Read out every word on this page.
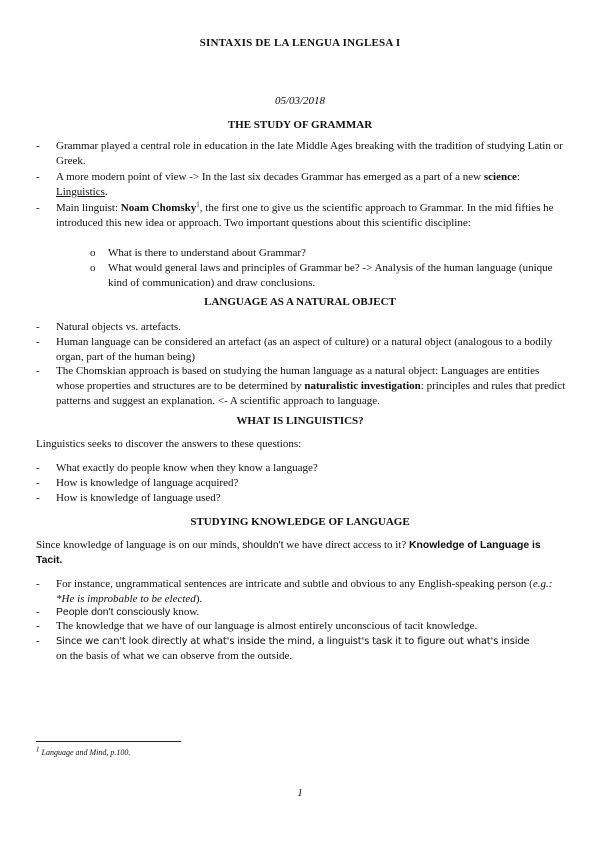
SINTAXIS DE LA LENGUA INGLESA I
05/03/2018
THE STUDY OF GRAMMAR
- Grammar played a central role in education in the late Middle Ages breaking with the tradition of studying Latin or Greek.
- A more modern point of view -> In the last six decades Grammar has emerged as a part of a new science: Linguistics.
- Main linguist: Noam Chomsky$^1$, the first one to give us the scientific approach to Grammar. In the mid fifties he introduced this new idea or approach. Two important questions about this scientific discipline:
o What is there to understand about Grammar?
o What would general laws and principles of Grammar be? -> Analysis of the human language (unique kind of communication) and draw conclusions.
LANGUAGE AS A NATURAL OBJECT
- Natural objects vs. artefacts.
- Human language can be considered an artefact (as an aspect of culture) or a natural object (analogous to a bodily organ, part of the human being)
- The Chomskian approach is based on studying the human language as a natural object: Languages are entities whose properties and structures are to be determined by naturalistic investigation: principles and rules that predict patterns and suggest an explanation. <- A scientific approach to language.
WHAT IS LINGUISTICS?
Linguistics seeks to discover the answers to these questions:
- What exactly do people know when they know a language?
- How is knowledge of language acquired?
- How is knowledge of language used?
STUDYING KNOWLEDGE OF LANGUAGE
Since knowledge of language is on our minds, shouldn't we have direct access to it? Knowledge of Language is Tacit.
- For instance, ungrammatical sentences are intricate and subtle and obvious to any English-speaking person (e.g.: *He is improbable to be elected).
- People don't consciously know.
- The knowledge that we have of our language is almost entirely unconscious of tacit knowledge.
- Since we can't look directly at what's inside the mind, a linguist's task it to figure out what's inside
on the basis of what we can observe from the outside.
$^1$ Language and Mind, p.100.
1
